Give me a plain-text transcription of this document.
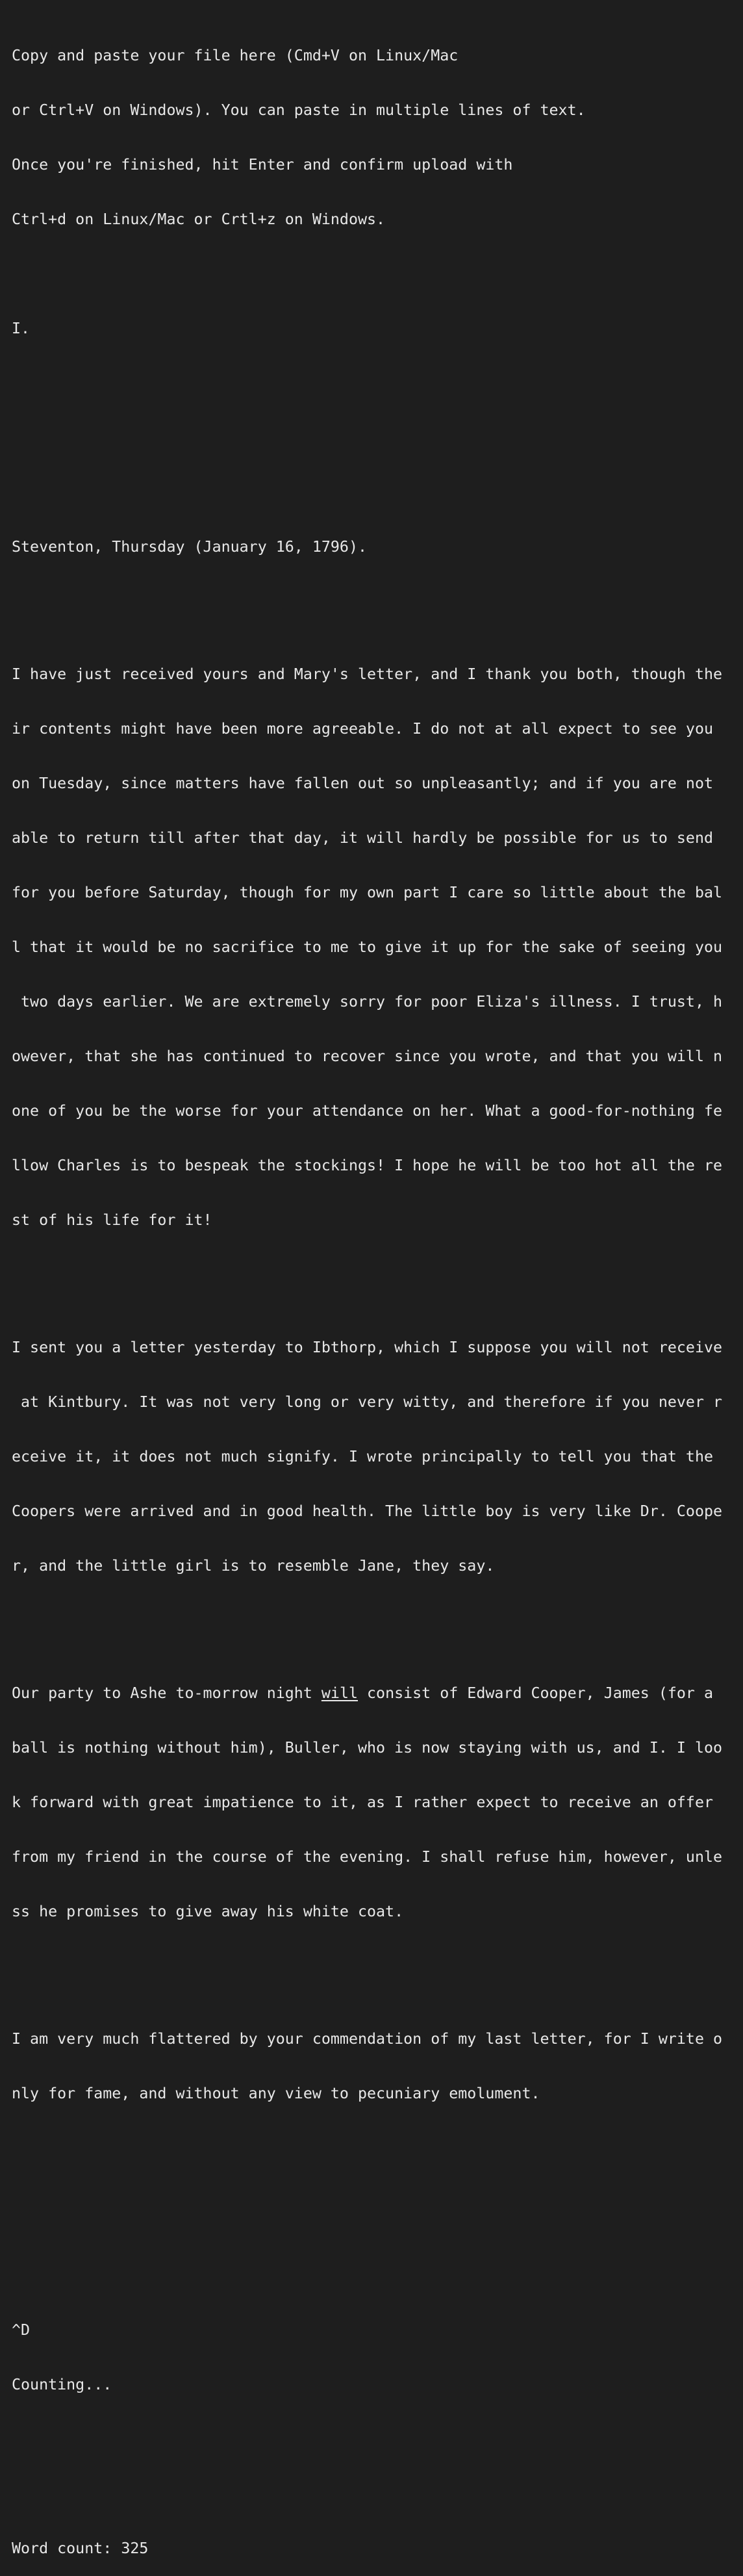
Copy and paste your file here (Cmd+V on Linux/Mac

or Ctrl+V on Windows). You can paste in multiple lines of text.

Once you're finished, hit Enter and confirm upload with

Ctrl+d on Linux/Mac or Crtl+z on Windows.

I.

Steventon, Thursday (January 16, 1796).

I have just received yours and Mary's letter, and I thank you both, though the

ir contents might have been more agreeable. I do not at all expect to see you

on Tuesday, since matters have fallen out so unpleasantly; and if you are not

able to return till after that day, it will hardly be possible for us to send

for you before Saturday, though for my own part I care so little about the bal

l that it would be no sacrifice to me to give it up for the sake of seeing you

two days earlier. We are extremely sorry for poor Eliza's illness. I trust, h

owever, that she has continued to recover since you wrote, and that you will n

one of you be the worse for your attendance on her. What a good-for-nothing fe

llow Charles is to bespeak the stockings! I hope he will be too hot all the re

st of his life for it!

I sent you a letter yesterday to Ibthorp, which I suppose you will not receive

at Kintbury. It was not very long or very witty, and therefore if you never r

eceive it, it does not much signify. I wrote principally to tell you that the

Coopers were arrived and in good health. The little boy is very like Dr. Coope

r, and the little girl is to resemble Jane, they say.

Our party to Ashe to-morrow night will consist of Edward Cooper, James (for a

ball is nothing without him), Buller, who is now staying with us, and I. I loo

k forward with great impatience to it, as I rather expect to receive an offer

from my friend in the course of the evening. I shall refuse him, however, unle

ss he promises to give away his white coat.

I am very much flattered by your commendation of my last letter, for I write o

nly for fame, and without any view to pecuniary emolument.

^D

Counting...

Word count: 325
